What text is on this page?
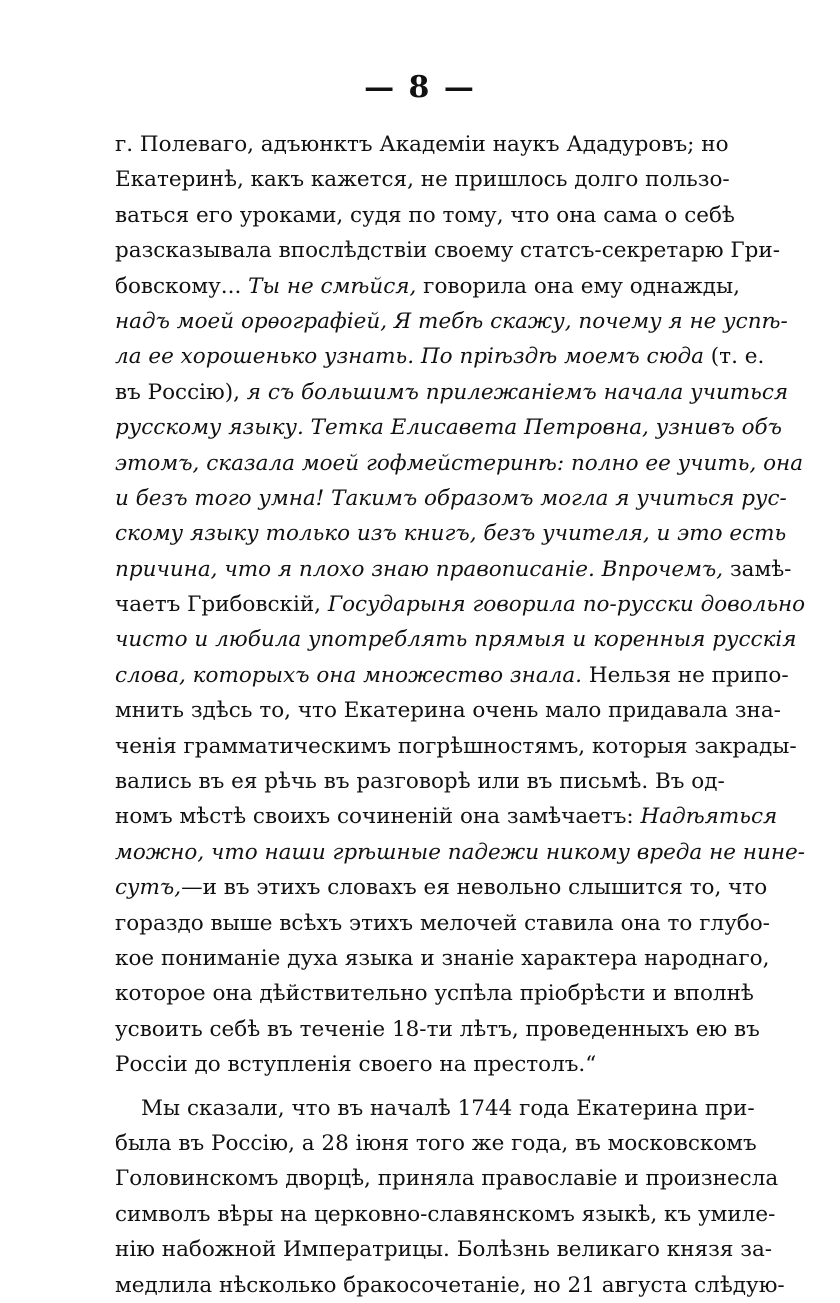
— 8 —
г. Полеваго, адъюнктъ Академіи наукъ Ададуровъ; но
Екатеринѣ, какъ кажется, не пришлось долго пользо-
ваться его уроками, судя по тому, что она сама о себѣ
разсказывала впослѣдствіи своему статсъ-секретарю Гри-
бовскому... Ты не смѣйся, говорила она ему однажды,
надъ моей орѳографіей, Я тебѣ скажу, почему я не успѣ-
ла ее хорошенько узнать. По пріѣздѣ моемъ сюда (т. е.
въ Россію), я съ большимъ прилежаніемъ начала учиться
русскому языку. Тетка Елисавета Петровна, узнивъ объ
этомъ, сказала моей гофмейстеринѣ: полно ее учить, она
и безъ того умна! Такимъ образомъ могла я учиться рус-
скому языку только изъ книгъ, безъ учителя, и это есть
причина, что я плохо знаю правописаніе. Впрочемъ, замѣ-
чаетъ Грибовскій, Государыня говорила по-русски довольно
чисто и любила употреблять прямыя и коренныя русскія
слова, которыхъ она множество знала. Нельзя не припо-
мнить здѣсь то, что Екатерина очень мало придавала зна-
ченія грамматическимъ погрѣшностямъ, которыя закрады-
вались въ ея рѣчь въ разговорѣ или въ письмѣ. Въ од-
номъ мѣстѣ своихъ сочиненій она замѣчаетъ: Надѣяться
можно, что наши грѣшные падежи никому вреда не нине-
сутъ,—и въ этихъ словахъ ея невольно слышится то, что
гораздо выше всѣхъ этихъ мелочей ставила она то глубо-
кое пониманіе духа языка и знаніе характера народнаго,
которое она дѣйствительно успѣла пріобрѣсти и вполнѣ
усвоить себѣ въ теченіе 18-ти лѣтъ, проведенныхъ ею въ
Россіи до вступленія своего на престолъ.“
Мы сказали, что въ началѣ 1744 года Екатерина при-
была въ Россію, а 28 іюня того же года, въ московскомъ
Головинскомъ дворцѣ, приняла православіе и произнесла
символъ вѣры на церковно-славянскомъ языкѣ, къ умиле-
нію набожной Императрицы. Болѣзнь великаго князя за-
медлила нѣсколько бракосочетаніе, но 21 августа слѣдую-
